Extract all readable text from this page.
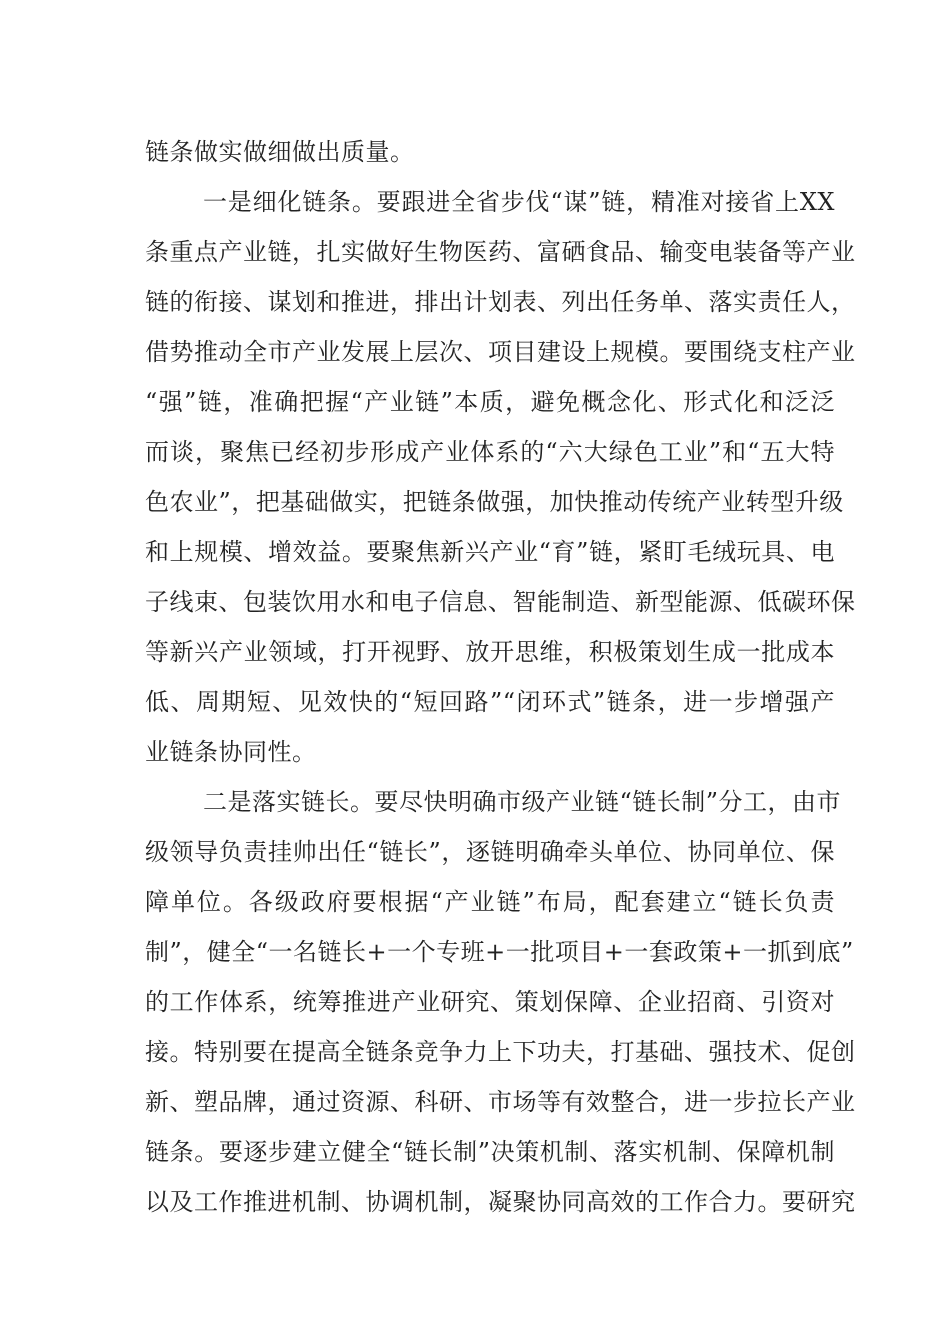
链条做实做细做出质量。
一是细化链条。要跟进全省步伐“谋”链，精准对接省上XX
条重点产业链，扎实做好生物医药、富硒食品、输变电装备等产业
链的衔接、谋划和推进，排出计划表、列出任务单、落实责任人，
借势推动全市产业发展上层次、项目建设上规模。要围绕支柱产业
“强”链，准确把握“产业链”本质，避免概念化、形式化和泛泛
而谈，聚焦已经初步形成产业体系的“六大绿色工业”和“五大特
色农业”，把基础做实，把链条做强，加快推动传统产业转型升级
和上规模、增效益。要聚焦新兴产业“育”链，紧盯毛绒玩具、电
子线束、包装饮用水和电子信息、智能制造、新型能源、低碳环保
等新兴产业领域，打开视野、放开思维，积极策划生成一批成本
低、周期短、见效快的“短回路”“闭环式”链条，进一步增强产
业链条协同性。
二是落实链长。要尽快明确市级产业链“链长制”分工，由市
级领导负责挂帅出任“链长”，逐链明确牵头单位、协同单位、保
障单位。各级政府要根据“产业链”布局，配套建立“链长负责
制”，健全“一名链长+一个专班+一批项目+一套政策+一抓到底”
的工作体系，统筹推进产业研究、策划保障、企业招商、引资对
接。特别要在提高全链条竞争力上下功夫，打基础、强技术、促创
新、塑品牌，通过资源、科研、市场等有效整合，进一步拉长产业
链条。要逐步建立健全“链长制”决策机制、落实机制、保障机制
以及工作推进机制、协调机制，凝聚协同高效的工作合力。要研究
